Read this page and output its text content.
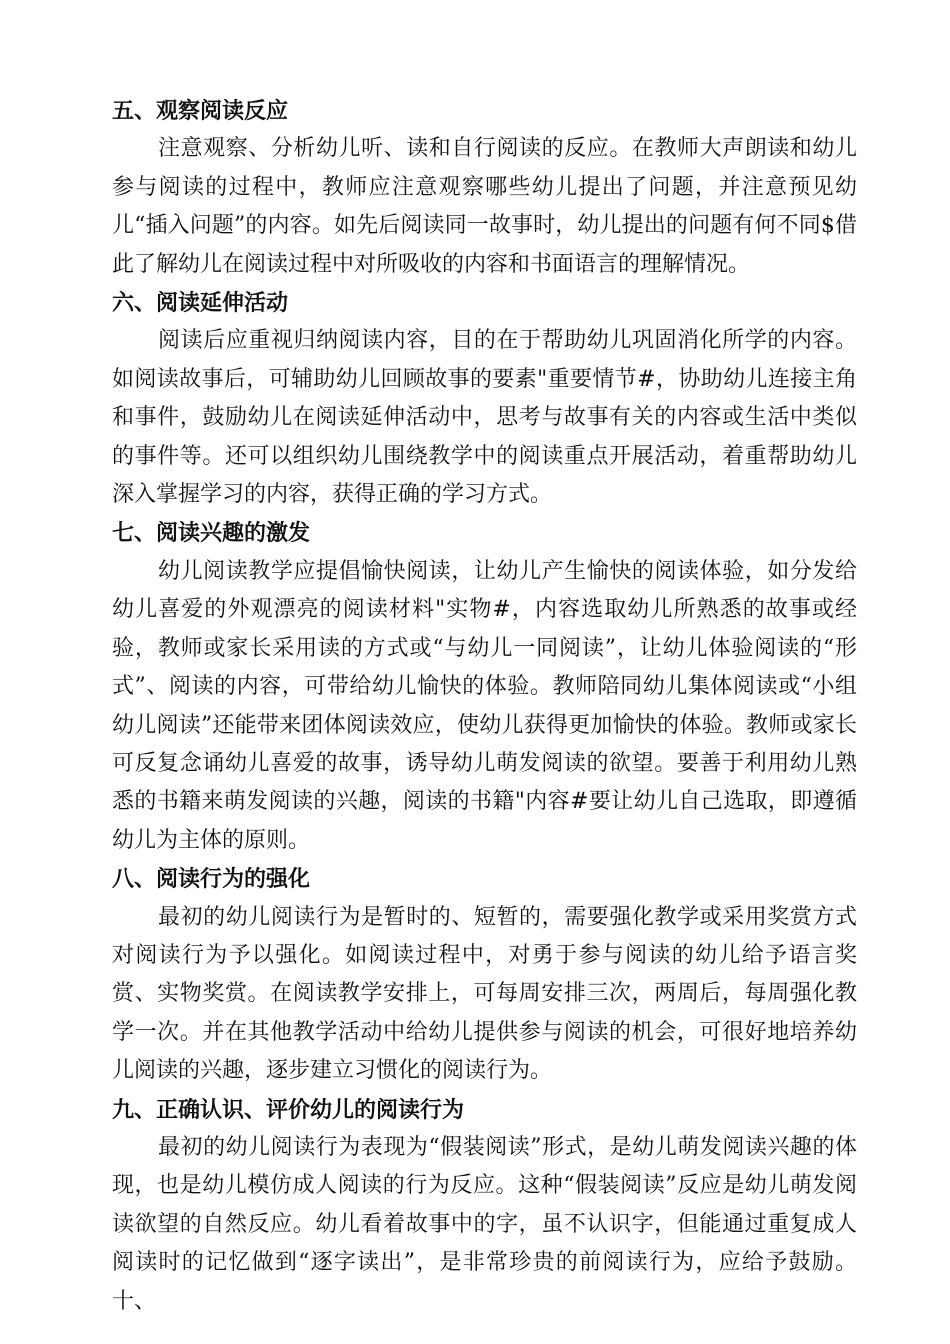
五、观察阅读反应

注意观察、分析幼儿听、读和自行阅读的反应。在教师大声朗读和幼儿参与阅读的过程中，教师应注意观察哪些幼儿提出了问题，并注意预见幼儿“插入问题”的内容。如先后阅读同一故事时，幼儿提出的问题有何不同$借此了解幼儿在阅读过程中对所吸收的内容和书面语言的理解情况。

六、阅读延伸活动

阅读后应重视归纳阅读内容，目的在于帮助幼儿巩固消化所学的内容。如阅读故事后，可辅助幼儿回顾故事的要素"重要情节#，协助幼儿连接主角和事件，鼓励幼儿在阅读延伸活动中，思考与故事有关的内容或生活中类似的事件等。还可以组织幼儿围绕教学中的阅读重点开展活动，着重帮助幼儿深入掌握学习的内容，获得正确的学习方式。

七、阅读兴趣的激发

幼儿阅读教学应提倡愉快阅读，让幼儿产生愉快的阅读体验，如分发给幼儿喜爱的外观漂亮的阅读材料"实物#，内容选取幼儿所熟悉的故事或经验，教师或家长采用读的方式或“与幼儿一同阅读”，让幼儿体验阅读的“形式”、阅读的内容，可带给幼儿愉快的体验。教师陪同幼儿集体阅读或“小组幼儿阅读”还能带来团体阅读效应，使幼儿获得更加愉快的体验。教师或家长可反复念诵幼儿喜爱的故事，诱导幼儿萌发阅读的欲望。要善于利用幼儿熟悉的书籍来萌发阅读的兴趣，阅读的书籍"内容#要让幼儿自己选取，即遵循幼儿为主体的原则。

八、阅读行为的强化

最初的幼儿阅读行为是暂时的、短暂的，需要强化教学或采用奖赏方式对阅读行为予以强化。如阅读过程中，对勇于参与阅读的幼儿给予语言奖赏、实物奖赏。在阅读教学安排上，可每周安排三次，两周后，每周强化教学一次。并在其他教学活动中给幼儿提供参与阅读的机会，可很好地培养幼儿阅读的兴趣，逐步建立习惯化的阅读行为。

九、正确认识、评价幼儿的阅读行为

最初的幼儿阅读行为表现为“假装阅读”形式，是幼儿萌发阅读兴趣的体现，也是幼儿模仿成人阅读的行为反应。这种“假装阅读”反应是幼儿萌发阅读欲望的自然反应。幼儿看着故事中的字，虽不认识字，但能通过重复成人阅读时的记忆做到“逐字读出”，是非常珍贵的前阅读行为，应给予鼓励。十、
